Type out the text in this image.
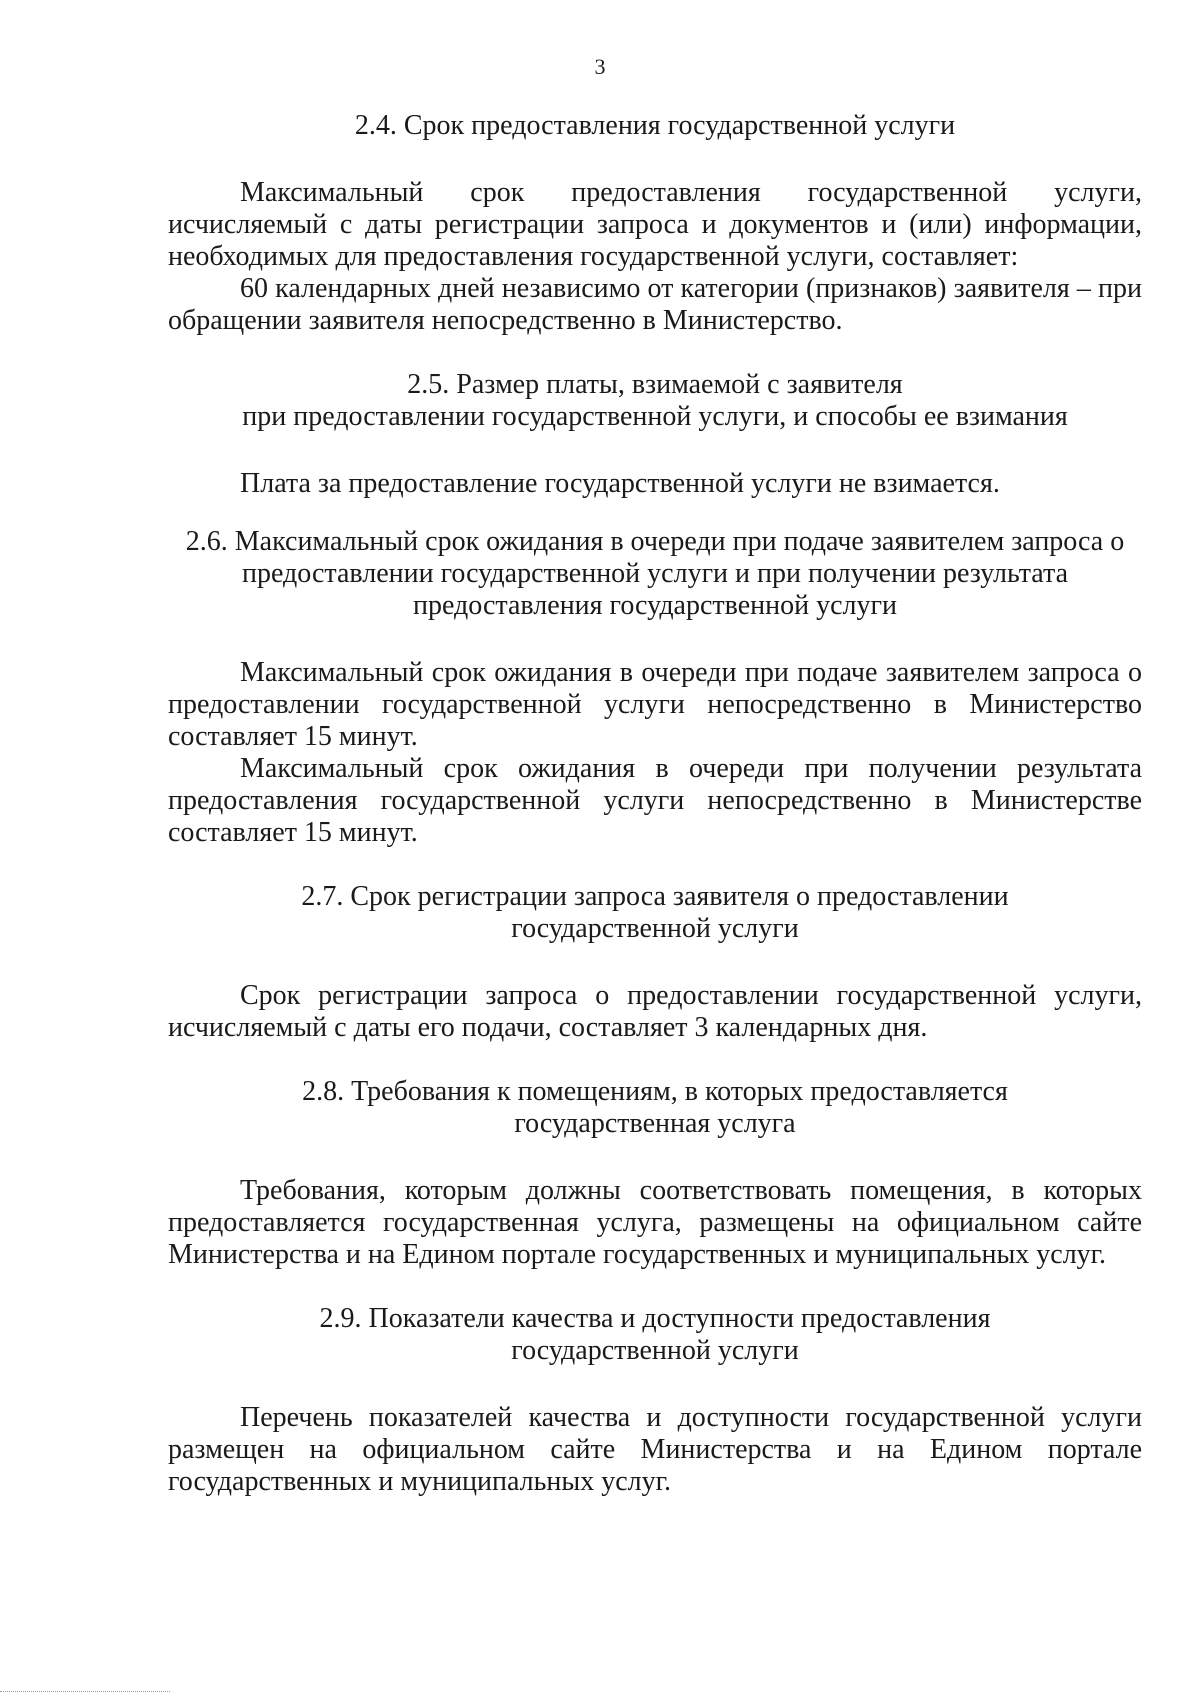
3

2.4. Срок предоставления государственной услуги

Максимальный срок предоставления государственной услуги, исчисляемый с даты регистрации запроса и документов и (или) информации, необходимых для предоставления государственной услуги, составляет:

60 календарных дней независимо от категории (признаков) заявителя – при обращении заявителя непосредственно в Министерство.

2.5. Размер платы, взимаемой с заявителя
при предоставлении государственной услуги, и способы ее взимания

Плата за предоставление государственной услуги не взимается.

2.6. Максимальный срок ожидания в очереди при подаче заявителем запроса о
предоставлении государственной услуги и при получении результата
предоставления государственной услуги

Максимальный срок ожидания в очереди при подаче заявителем запроса о предоставлении государственной услуги непосредственно в Министерство составляет 15 минут.

Максимальный срок ожидания в очереди при получении результата предоставления государственной услуги непосредственно в Министерстве составляет 15 минут.

2.7. Срок регистрации запроса заявителя о предоставлении
государственной услуги

Срок регистрации запроса о предоставлении государственной услуги, исчисляемый с даты его подачи, составляет 3 календарных дня.

2.8. Требования к помещениям, в которых предоставляется
государственная услуга

Требования, которым должны соответствовать помещения, в которых предоставляется государственная услуга, размещены на официальном сайте Министерства и на Едином портале государственных и муниципальных услуг.

2.9. Показатели качества и доступности предоставления
государственной услуги

Перечень показателей качества и доступности государственной услуги размещен на официальном сайте Министерства и на Едином портале государственных и муниципальных услуг.
